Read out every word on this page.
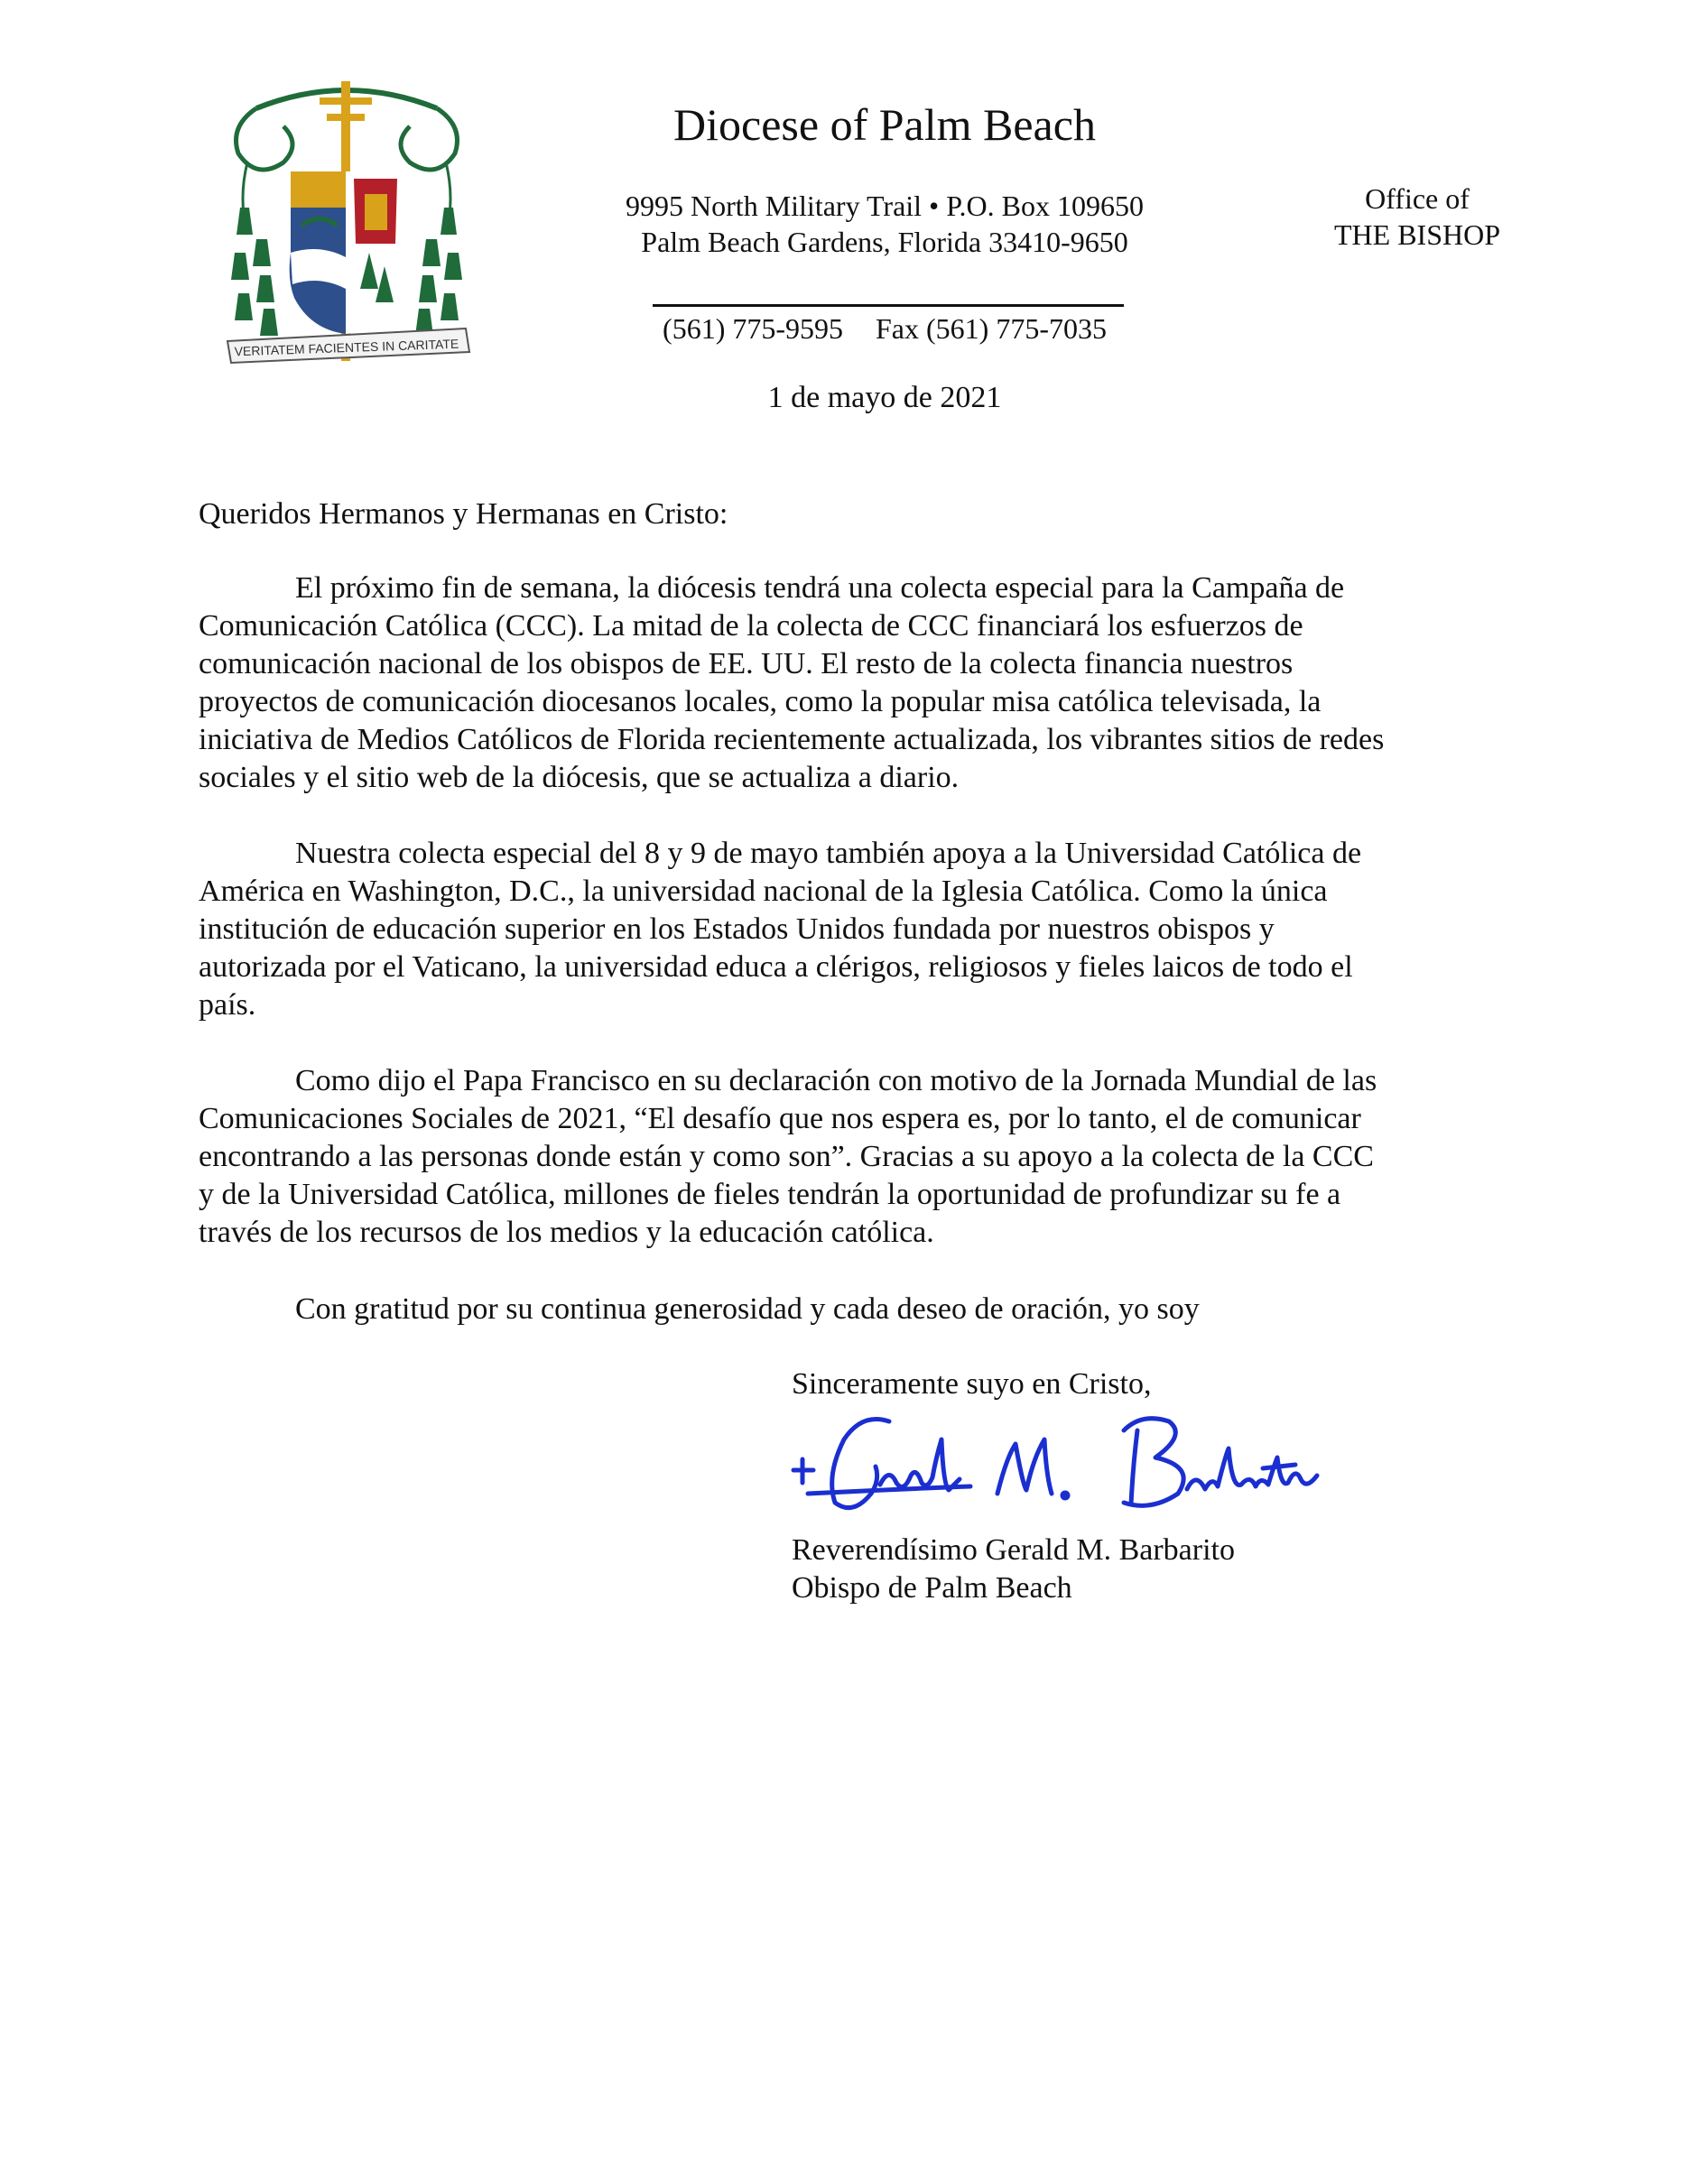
VERITATEM FACIENTES IN CARITATE
Diocese of Palm Beach
9995 North Military Trail • P.O. Box 109650
Palm Beach Gardens, Florida 33410-9650
Office of
THE BISHOP
(561) 775-9595 Fax (561) 775-7035
1 de mayo de 2021
Queridos Hermanos y Hermanas en Cristo:
El próximo fin de semana, la diócesis tendrá una colecta especial para la Campaña de
Comunicación Católica (CCC). La mitad de la colecta de CCC financiará los esfuerzos de
comunicación nacional de los obispos de EE. UU. El resto de la colecta financia nuestros
proyectos de comunicación diocesanos locales, como la popular misa católica televisada, la
iniciativa de Medios Católicos de Florida recientemente actualizada, los vibrantes sitios de redes
sociales y el sitio web de la diócesis, que se actualiza a diario.
Nuestra colecta especial del 8 y 9 de mayo también apoya a la Universidad Católica de
América en Washington, D.C., la universidad nacional de la Iglesia Católica. Como la única
institución de educación superior en los Estados Unidos fundada por nuestros obispos y
autorizada por el Vaticano, la universidad educa a clérigos, religiosos y fieles laicos de todo el
país.
Como dijo el Papa Francisco en su declaración con motivo de la Jornada Mundial de las
Comunicaciones Sociales de 2021, “El desafío que nos espera es, por lo tanto, el de comunicar
encontrando a las personas donde están y como son”. Gracias a su apoyo a la colecta de la CCC
y de la Universidad Católica, millones de fieles tendrán la oportunidad de profundizar su fe a
través de los recursos de los medios y la educación católica.
Con gratitud por su continua generosidad y cada deseo de oración, yo soy
Sinceramente suyo en Cristo,
Reverendísimo Gerald M. Barbarito
Obispo de Palm Beach
